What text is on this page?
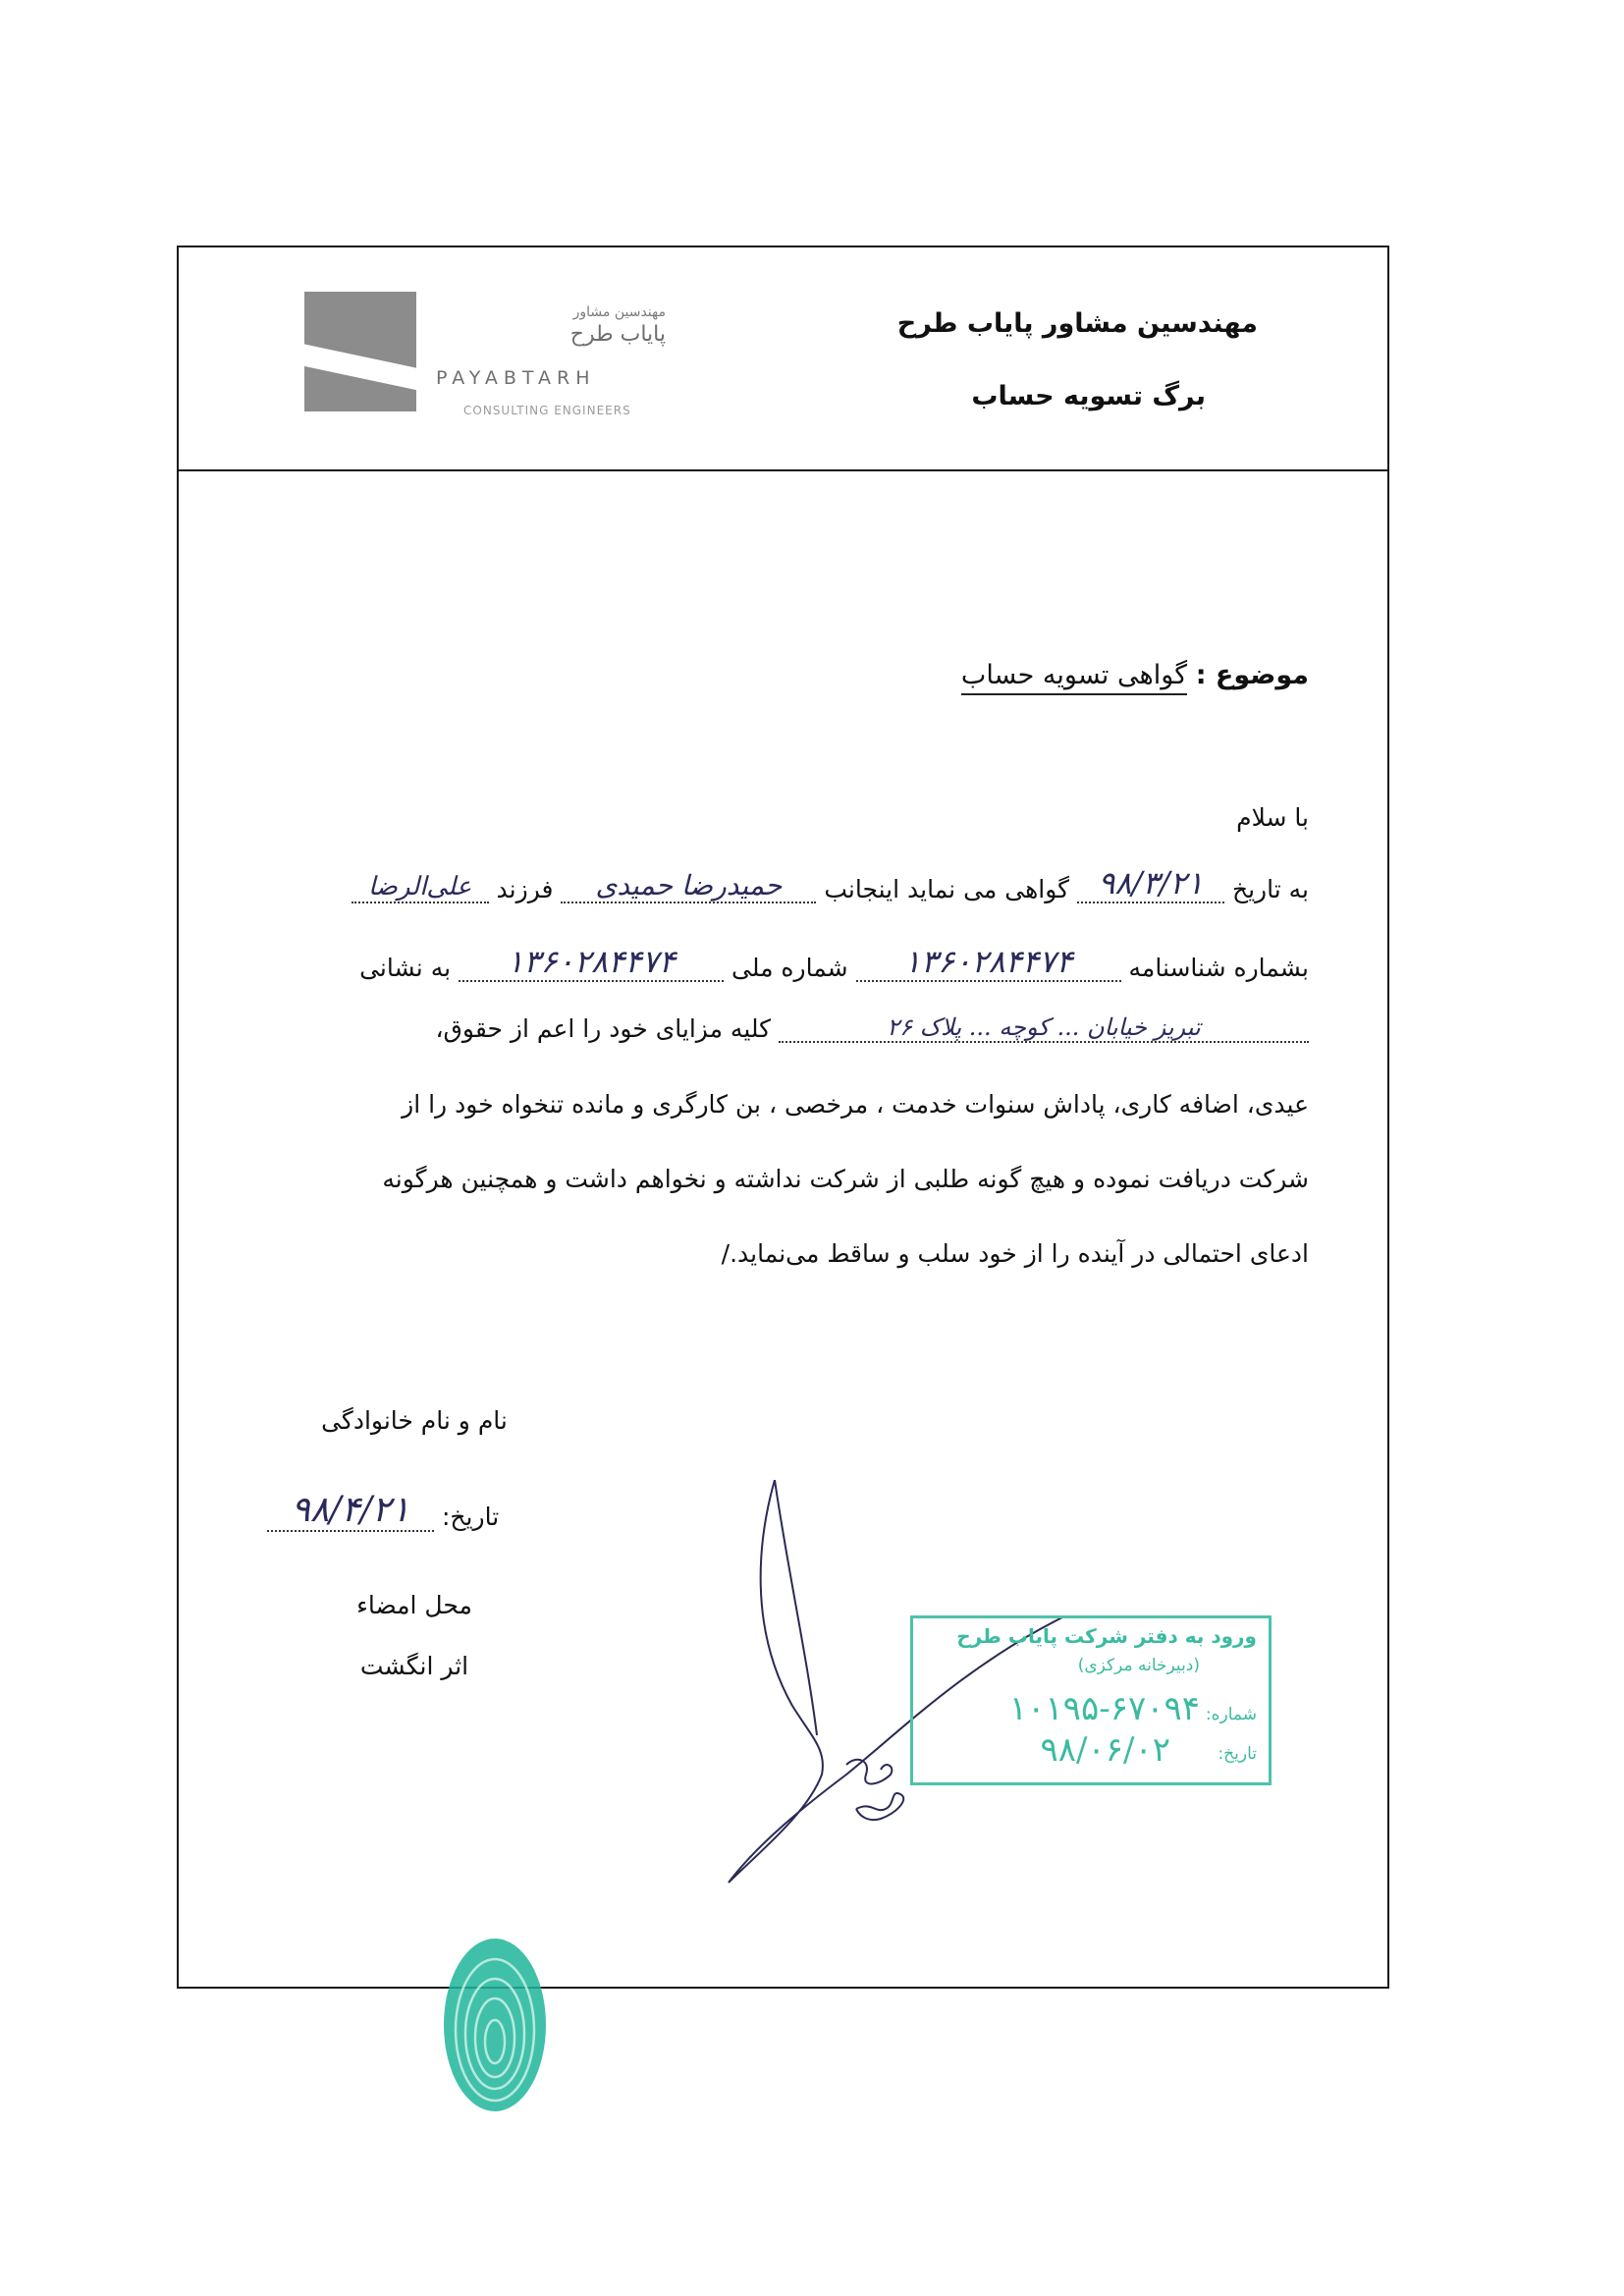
مهندسین مشاور
پایاب طرح
PAYABTARH
CONSULTING ENGINEERS
مهندسین مشاور پایاب طرح
برگ تسویه حساب
موضوع : گواهی تسویه حساب
با سلام
به تاریخ ۹۸/۳/۲۱ گواهی می نماید اینجانب حمیدرضا حمیدی فرزند علی‌الرضا
بشماره شناسنامه ۱۳۶۰۲۸۴۴۷۴ شماره ملی ۱۳۶۰۲۸۴۴۷۴ به نشانی
تبریز خیابان ... کوچه ... پلاک ۲۶ کلیه مزایای خود را اعم از حقوق،
عیدی، اضافه کاری، پاداش سنوات خدمت ، مرخصی ، بن کارگری و مانده تنخواه خود را از
شرکت دریافت نموده و هیچ گونه طلبی از شرکت نداشته و نخواهم داشت و همچنین هرگونه
ادعای احتمالی در آینده را از خود سلب و ساقط می‌نماید./
نام و نام خانوادگی
۹۸/۴/۲۱	تاریخ:
محل امضاء
اثر انگشت
ورود به دفتر شرکت پایاب طرح
(دبیرخانه مرکزی)
شماره:
۱۰۱۹۵-۶۷۰۹۴
تاریخ:
۹۸/۰۶/۰۲
